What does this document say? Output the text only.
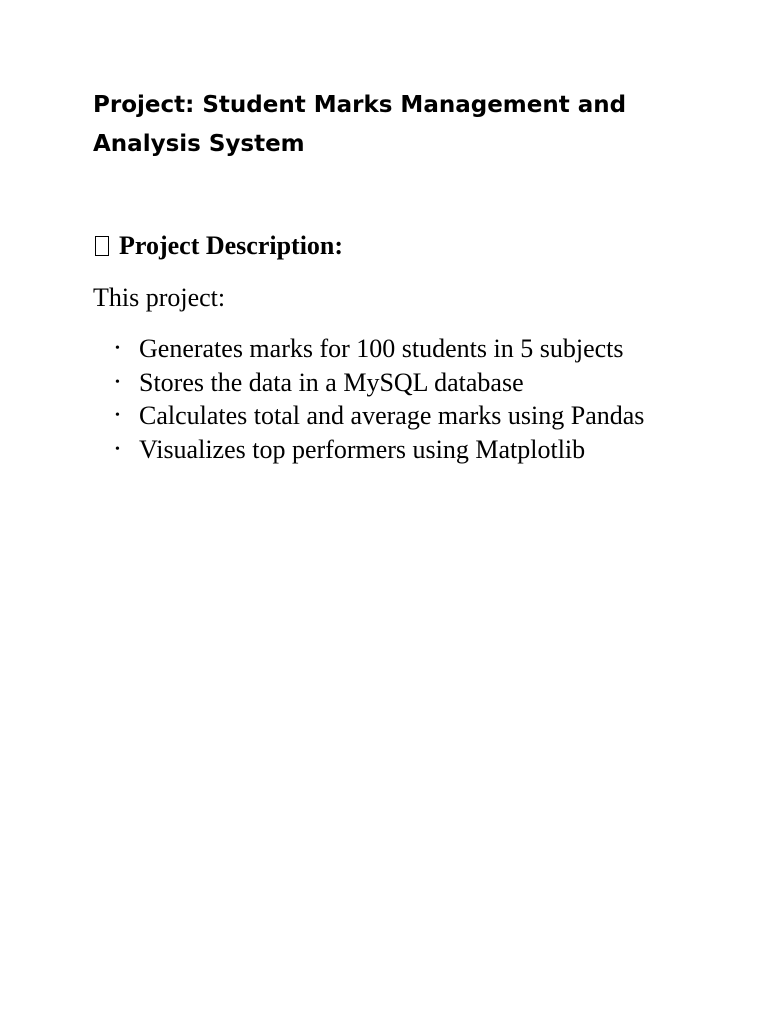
Project: Student Marks Management and Analysis System
Project Description:

This project:

• Generates marks for 100 students in 5 subjects
• Stores the data in a MySQL database
• Calculates total and average marks using Pandas
• Visualizes top performers using Matplotlib
